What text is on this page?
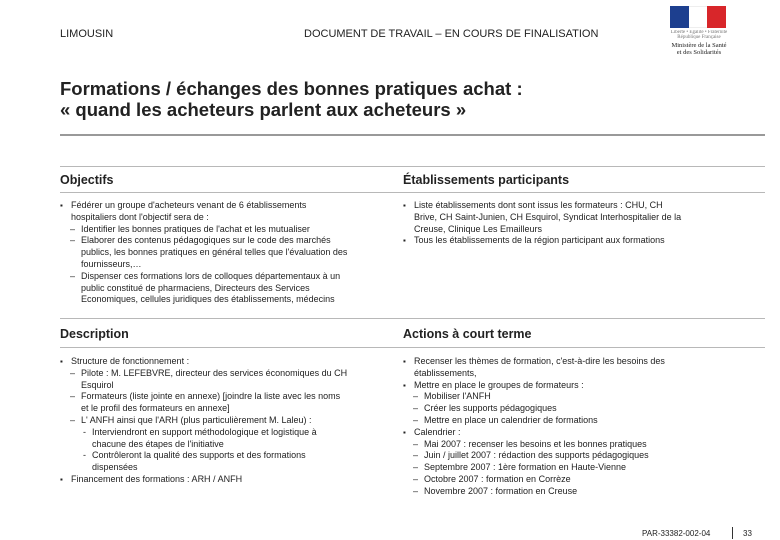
LIMOUSIN	DOCUMENT DE TRAVAIL – EN COURS DE FINALISATION	Liberté • Égalité • Fraternité
République Française
Ministère de la Santé
et des Solidarités
Formations / échanges des bonnes pratiques achat :
« quand les acheteurs parlent aux acheteurs »
Objectifs	Établissements participants
▪ Fédérer un groupe d'acheteurs venant de 6 établissements
hospitaliers dont l'objectif sera de :
– Identifier les bonnes pratiques de l'achat et les mutualiser
– Elaborer des contenus pédagogiques sur le code des marchés
publics, les bonnes pratiques en général telles que l'évaluation des
fournisseurs,…
– Dispenser ces formations lors de colloques départementaux à un
public constitué de pharmaciens, Directeurs des Services
Economiques, cellules juridiques des établissements, médecins
▪ Liste établissements dont sont issus les formateurs : CHU, CH
Brive, CH Saint-Junien, CH Esquirol, Syndicat Interhospitalier de la
Creuse, Clinique Les Emailleurs
▪ Tous les établissements de la région participant aux formations
Description	Actions à court terme
▪ Structure de fonctionnement :
– Pilote : M. LEFEBVRE, directeur des services économiques du CH
Esquirol
– Formateurs (liste jointe en annexe) [joindre la liste avec les noms
et le profil des formateurs en annexe]
– L' ANFH ainsi que l'ARH (plus particulièrement M. Laleu) :
- Interviendront en support méthodologique et logistique à
chacune des étapes de l'initiative
- Contrôleront la qualité des supports et des formations
dispensées
▪ Financement des formations : ARH / ANFH
▪ Recenser les thèmes de formation, c'est-à-dire les besoins des
établissements,
▪ Mettre en place le groupes de formateurs :
– Mobiliser l'ANFH
– Créer les supports pédagogiques
– Mettre en place un calendrier de formations
▪ Calendrier :
– Mai 2007 : recenser les besoins et les bonnes pratiques
– Juin / juillet 2007 : rédaction des supports pédagogiques
– Septembre 2007 : 1ère formation en Haute-Vienne
– Octobre 2007 : formation en Corrèze
– Novembre 2007 : formation en Creuse
PAR-33382-002-04	33
